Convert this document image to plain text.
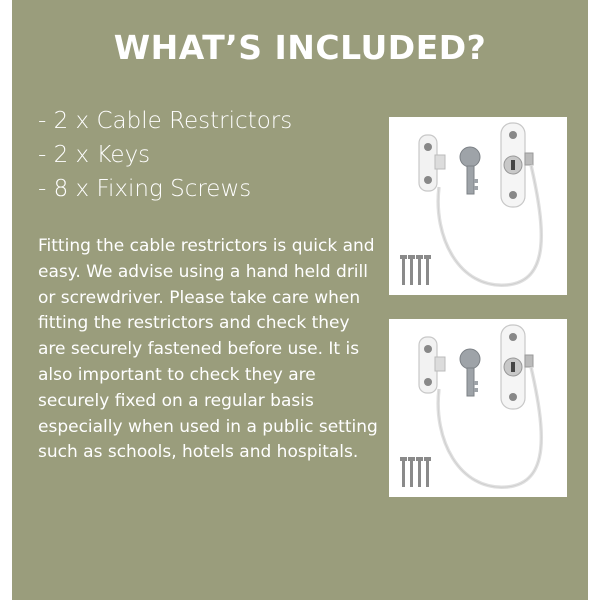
WHAT’S INCLUDED?
- 2 x Cable Restrictors
- 2 x Keys
- 8 x Fixing Screws

Fitting the cable restrictors is quick and easy. We advise using a hand held drill or screwdriver. Please take care when fitting the restrictors and check they are securely fastened before use. It is also important to check they are securely fixed on a regular basis especially when used in a public setting such as schools, hotels and hospitals.
